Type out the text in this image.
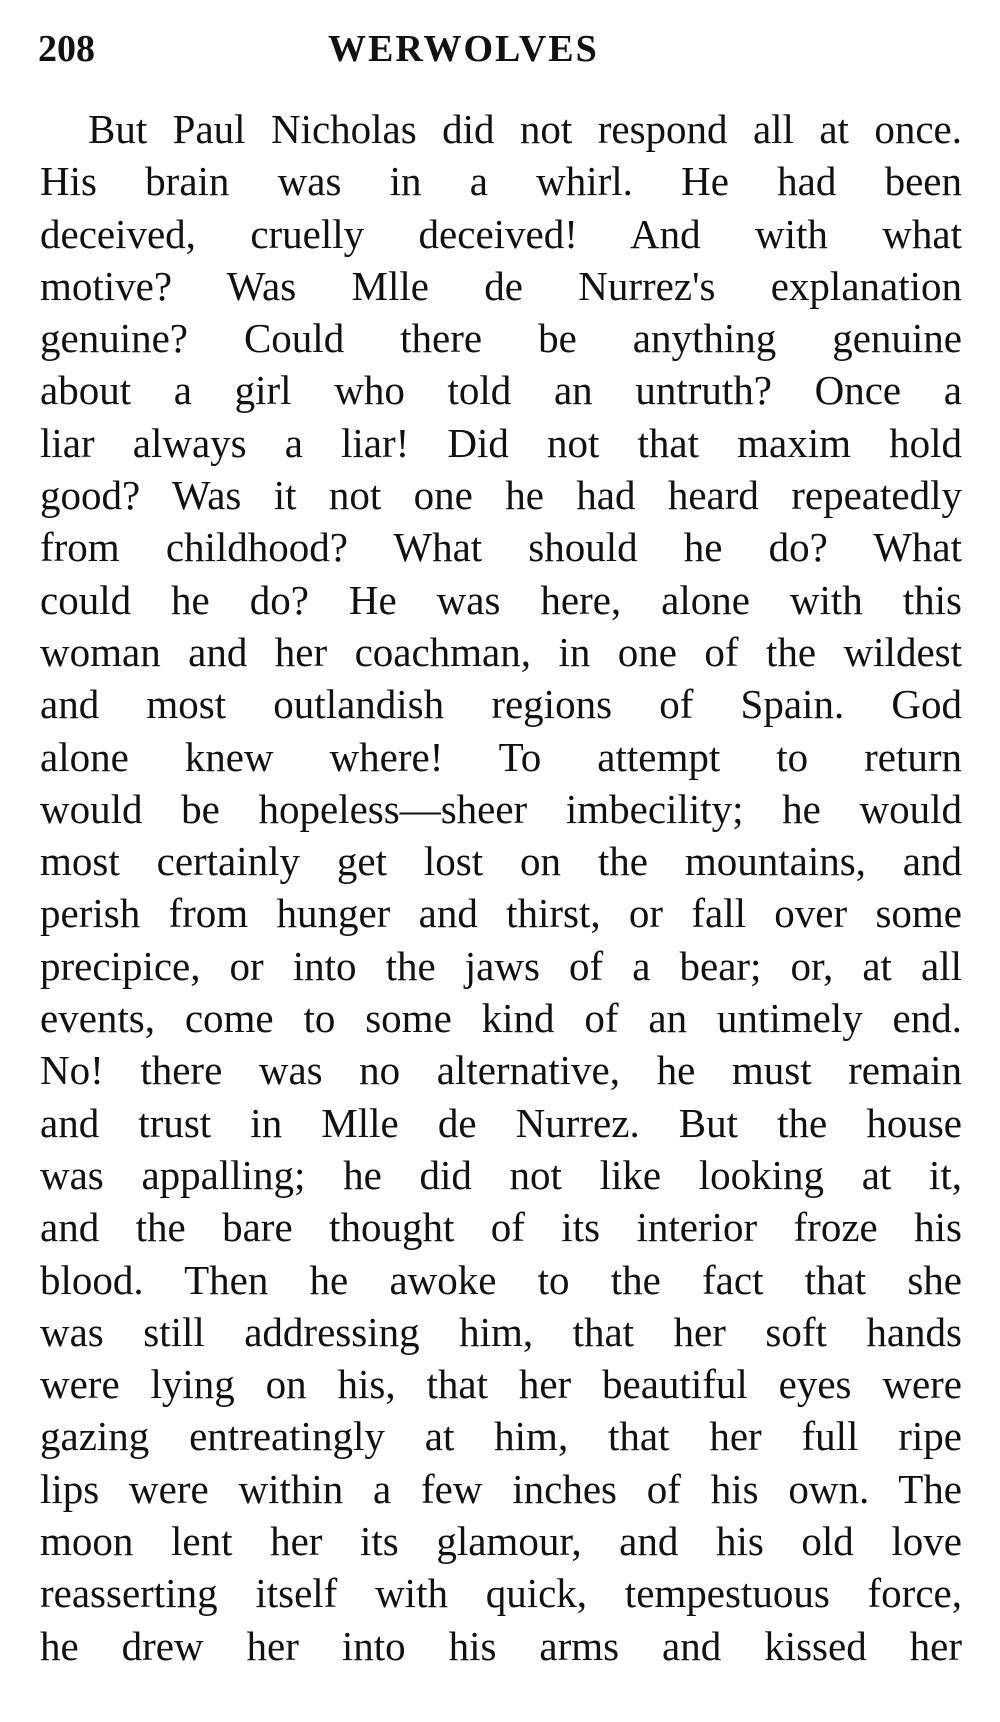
208	WERWOLVES
But Paul Nicholas did not respond all at once.
His brain was in a whirl. He had been
deceived, cruelly deceived! And with what
motive? Was Mlle de Nurrez's explanation
genuine? Could there be anything genuine
about a girl who told an untruth? Once a
liar always a liar! Did not that maxim hold
good? Was it not one he had heard repeatedly
from childhood? What should he do? What
could he do? He was here, alone with this
woman and her coachman, in one of the wildest
and most outlandish regions of Spain. God
alone knew where! To attempt to return
would be hopeless—sheer imbecility; he would
most certainly get lost on the mountains, and
perish from hunger and thirst, or fall over some
precipice, or into the jaws of a bear; or, at all
events, come to some kind of an untimely end.
No! there was no alternative, he must remain
and trust in Mlle de Nurrez. But the house
was appalling; he did not like looking at it,
and the bare thought of its interior froze his
blood. Then he awoke to the fact that she
was still addressing him, that her soft hands
were lying on his, that her beautiful eyes were
gazing entreatingly at him, that her full ripe
lips were within a few inches of his own. The
moon lent her its glamour, and his old love
reasserting itself with quick, tempestuous force,
he drew her into his arms and kissed her
